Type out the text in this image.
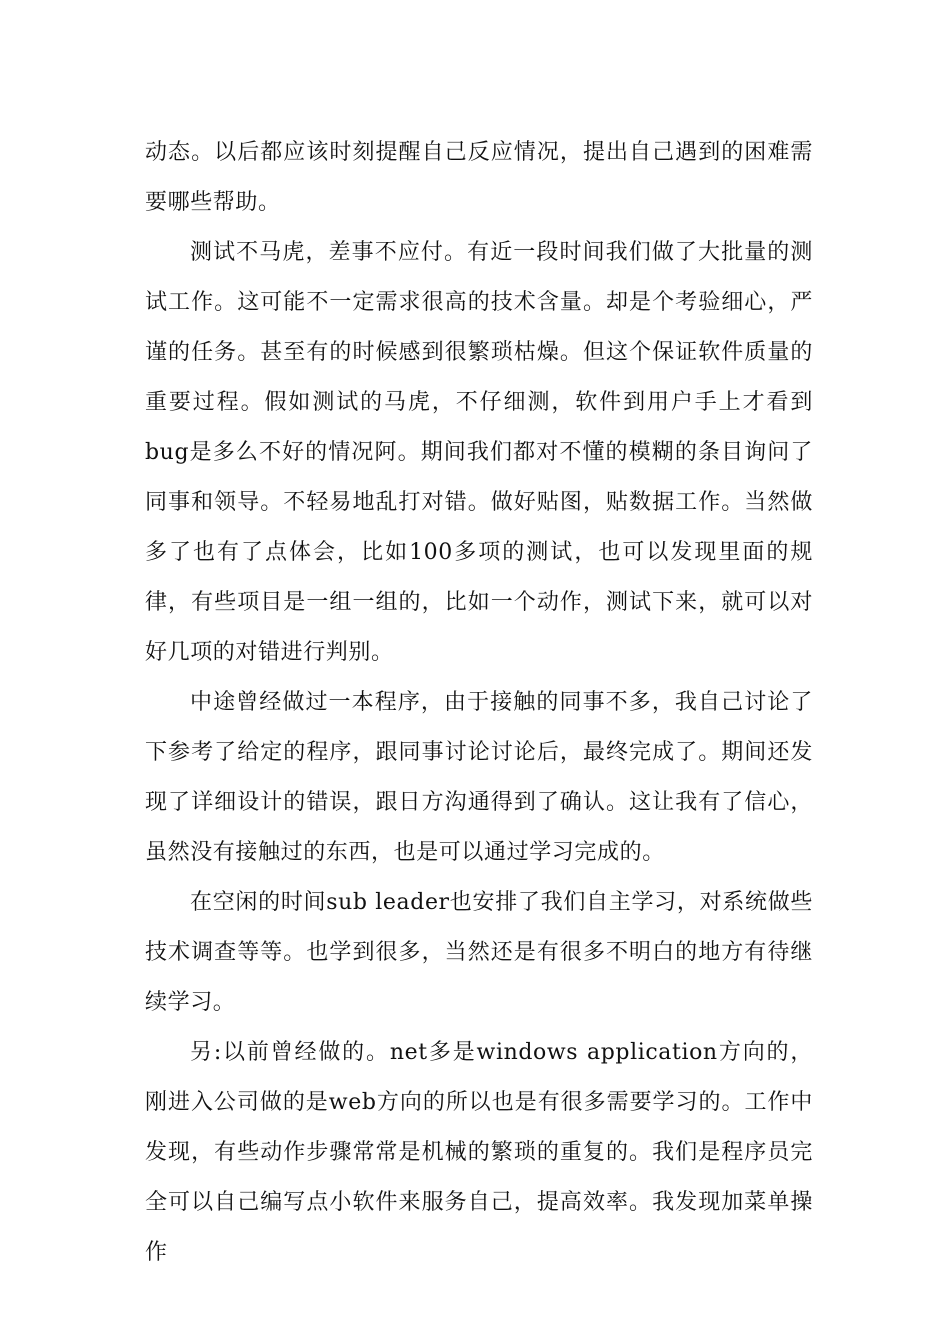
动态。以后都应该时刻提醒自己反应情况，提出自己遇到的困难需要哪些帮助。

测试不马虎，差事不应付。有近一段时间我们做了大批量的测试工作。这可能不一定需求很高的技术含量。却是个考验细心，严谨的任务。甚至有的时候感到很繁琐枯燥。但这个保证软件质量的重要过程。假如测试的马虎，不仔细测，软件到用户手上才看到bug是多么不好的情况阿。期间我们都对不懂的模糊的条目询问了同事和领导。不轻易地乱打对错。做好贴图，贴数据工作。当然做多了也有了点体会，比如100多项的测试，也可以发现里面的规律，有些项目是一组一组的，比如一个动作，测试下来，就可以对好几项的对错进行判别。

中途曾经做过一本程序，由于接触的同事不多，我自己讨论了下参考了给定的程序，跟同事讨论讨论后，最终完成了。期间还发现了详细设计的错误，跟日方沟通得到了确认。这让我有了信心，虽然没有接触过的东西，也是可以通过学习完成的。

在空闲的时间sub leader也安排了我们自主学习，对系统做些技术调查等等。也学到很多，当然还是有很多不明白的地方有待继续学习。

另:以前曾经做的。net多是windows application方向的，刚进入公司做的是web方向的所以也是有很多需要学习的。工作中发现，有些动作步骤常常是机械的繁琐的重复的。我们是程序员完全可以自己编写点小软件来服务自己，提高效率。我发现加菜单操作
